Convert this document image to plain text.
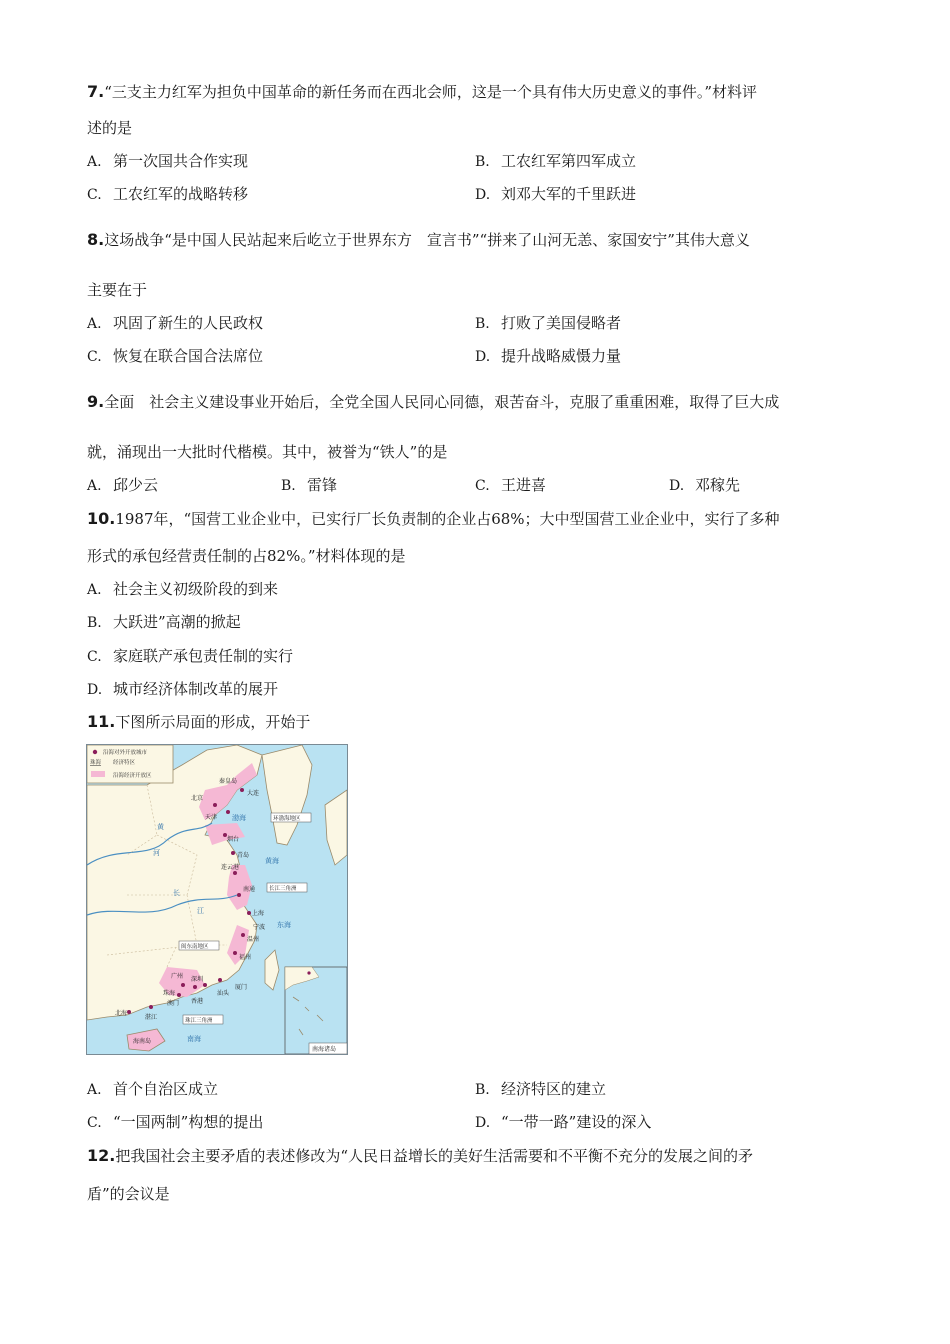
7.“三支主力红军为担负中国革命的新任务而在西北会师，这是一个具有伟大历史意义的事件。”材料评
述的是
A. 第一次国共合作实现	B. 工农红军第四军成立
C. 工农红军的战略转移	D. 刘邓大军的千里跃进
8.这场战争“是中国人民站起来后屹立于世界东方　宣言书”“拼来了山河无恙、家国安宁”其伟大意义
主要在于
A. 巩固了新生的人民政权	B. 打败了美国侵略者
C. 恢复在联合国合法席位	D. 提升战略威慑力量
9.全面　社会主义建设事业开始后，全党全国人民同心同德，艰苦奋斗，克服了重重困难，取得了巨大成
就，涌现出一大批时代楷模。其中，被誉为“铁人”的是
A. 邱少云	B. 雷锋	C. 王进喜	D. 邓稼先
10.1987年，“国营工业企业中，已实行厂长负责制的企业占68%；大中型国营工业企业中，实行了多种
形式的承包经营责任制的占82%。”材料体现的是
A. 社会主义初级阶段的到来
B. 大跃进”高潮的掀起
C. 家庭联产承包责任制的实行
D. 城市经济体制改革的展开
11.下图所示局面的形成，开始于
沿海对外开放城市
珠海 经济特区
沿海经济开放区
北京
秦皇岛
大连
天津
烟台
青岛
连云港
南通
上海
宁波
温州
福州
厦门
汕头
深圳
广州
珠海
澳门 香港
湛江
北海
海南岛
环渤海地区
长江三角洲
闽东南地区
珠江三角洲
渤海
黄海
东海
南海
黄
河
长
江
南海诸岛
A. 首个自治区成立	B. 经济特区的建立
C. “一国两制”构想的提出	D. “一带一路”建设的深入
12.把我国社会主要矛盾的表述修改为“人民日益增长的美好生活需要和不平衡不充分的发展之间的矛
盾”的会议是
